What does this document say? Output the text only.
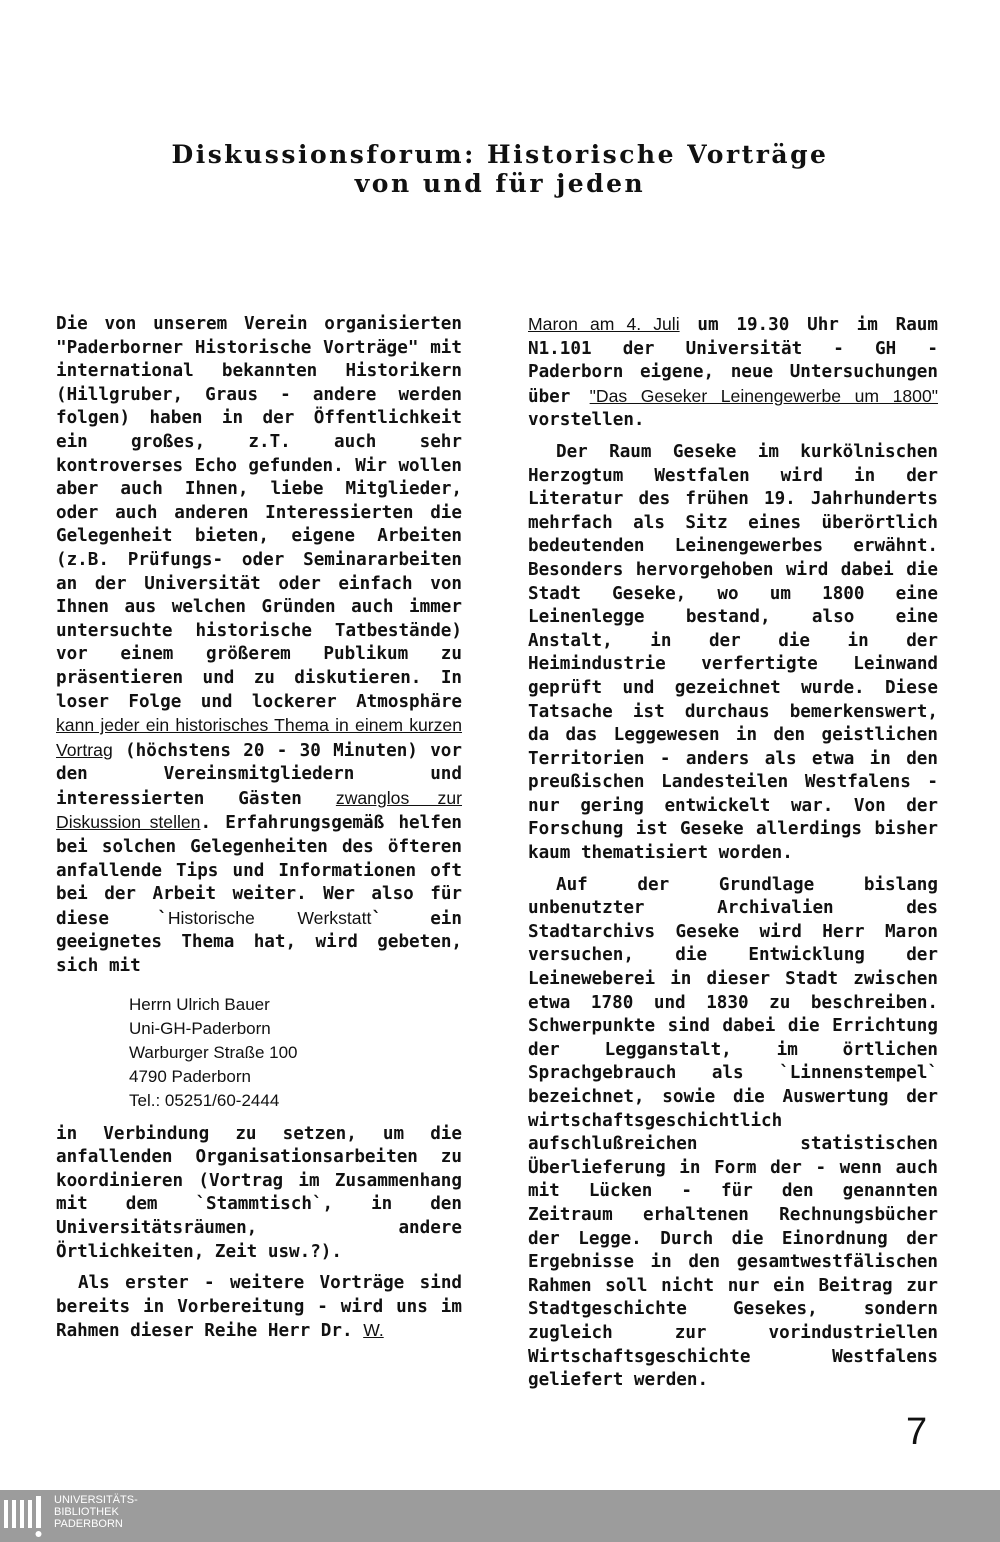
Diskussionsforum: Historische Vorträge
von und für jeden

Die von unserem Verein organisierten "Paderborner Historische Vorträge" mit international bekannten Historikern (Hillgruber, Graus - andere werden folgen) haben in der Öffentlichkeit ein großes, z.T. auch sehr kontroverses Echo gefunden. Wir wollen aber auch Ihnen, liebe Mitglieder, oder auch anderen Interessierten die Gelegenheit bieten, eigene Arbeiten (z.B. Prüfungs- oder Seminararbeiten an der Universität oder einfach von Ihnen aus welchen Gründen auch immer untersuchte historische Tatbestände) vor einem größerem Publikum zu präsentieren und zu diskutieren. In loser Folge und lockerer Atmosphäre kann jeder ein historisches Thema in einem kurzen Vortrag (höchstens 20 - 30 Minuten) vor den Vereinsmitgliedern und interessierten Gästen zwanglos zur Diskussion stellen. Erfahrungsgemäß helfen bei solchen Gelegenheiten des öfteren anfallende Tips und Informationen oft bei der Arbeit weiter. Wer also für diese `Historische Werkstatt` ein geeignetes Thema hat, wird gebeten, sich mit

Herrn Ulrich Bauer
Uni-GH-Paderborn
Warburger Straße 100
4790 Paderborn
Tel.: 05251/60-2444

in Verbindung zu setzen, um die anfallenden Organisationsarbeiten zu koordinieren (Vortrag im Zusammenhang mit dem `Stammtisch`, in den Universitätsräumen, andere Örtlichkeiten, Zeit usw.?).

Als erster - weitere Vorträge sind bereits in Vorbereitung - wird uns im Rahmen dieser Reihe Herr Dr. W.

Maron am 4. Juli um 19.30 Uhr im Raum N1.101 der Universität - GH - Paderborn eigene, neue Untersuchungen über "Das Geseker Leinengewerbe um 1800" vorstellen.

Der Raum Geseke im kurkölnischen Herzogtum Westfalen wird in der Literatur des frühen 19. Jahrhunderts mehrfach als Sitz eines überörtlich bedeutenden Leinengewerbes erwähnt. Besonders hervorgehoben wird dabei die Stadt Geseke, wo um 1800 eine Leinenlegge bestand, also eine Anstalt, in der die in der Heimindustrie verfertigte Leinwand geprüft und gezeichnet wurde. Diese Tatsache ist durchaus bemerkenswert, da das Leggewesen in den geistlichen Territorien - anders als etwa in den preußischen Landesteilen Westfalens - nur gering entwickelt war. Von der Forschung ist Geseke allerdings bisher kaum thematisiert worden.

Auf der Grundlage bislang unbenutzter Archivalien des Stadtarchivs Geseke wird Herr Maron versuchen, die Entwicklung der Leineweberei in dieser Stadt zwischen etwa 1780 und 1830 zu beschreiben. Schwerpunkte sind dabei die Errichtung der Legganstalt, im örtlichen Sprachgebrauch als `Linnenstempel` bezeichnet, sowie die Auswertung der wirtschaftsgeschichtlich aufschlußreichen statistischen Überlieferung in Form der - wenn auch mit Lücken - für den genannten Zeitraum erhaltenen Rechnungsbücher der Legge. Durch die Einordnung der Ergebnisse in den gesamtwestfälischen Rahmen soll nicht nur ein Beitrag zur Stadtgeschichte Gesekes, sondern zugleich zur vorindustriellen Wirtschaftsgeschichte Westfalens geliefert werden.

7
UNIVERSITÄTS-
BIBLIOTHEK
PADERBORN
